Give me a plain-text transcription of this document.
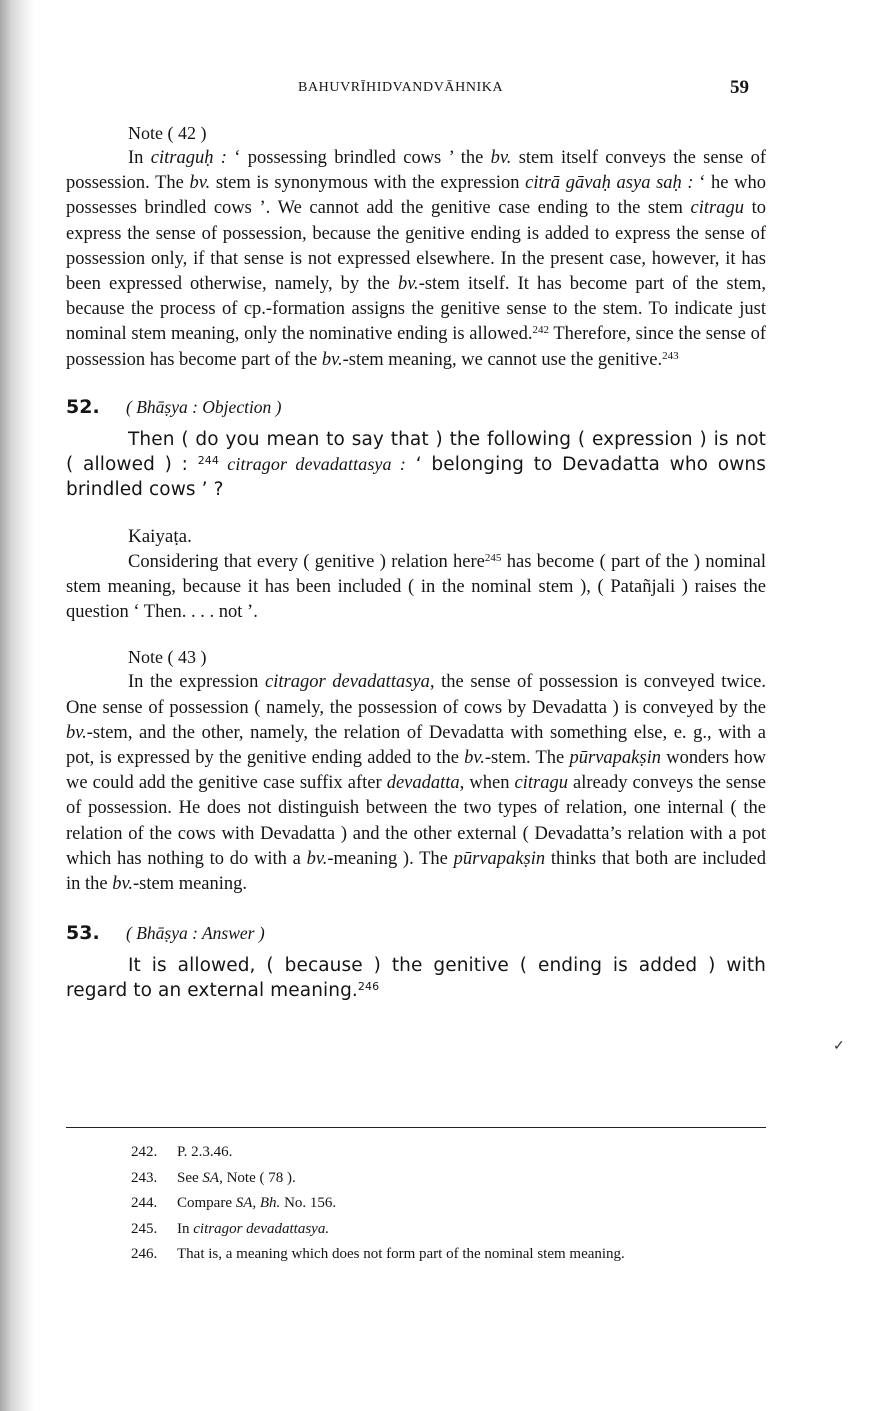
BAHUVRĪHIDVANDVĀHNIKA	59
Note ( 42 )

In citraguḥ : ‘ possessing brindled cows ’ the bv. stem itself conveys the sense of possession. The bv. stem is synonymous with the expression citrā gāvaḥ asya saḥ : ‘ he who possesses brindled cows ’. We cannot add the genitive case ending to the stem citragu to express the sense of possession, because the genitive ending is added to express the sense of possession only, if that sense is not expressed elsewhere. In the present case, however, it has been expressed otherwise, namely, by the bv.-stem itself. It has become part of the stem, because the process of cp.-formation assigns the genitive sense to the stem. To indicate just nominal stem meaning, only the nominative ending is allowed.$^{242}$ Therefore, since the sense of possession has become part of the bv.-stem meaning, we cannot use the genitive.$^{243}$

52. ( Bhāṣya : Objection )

Then ( do you mean to say that ) the following ( expression ) is not ( allowed ) : $^{244}$ citragor devadattasya : ‘ belonging to Devadatta who owns brindled cows ’ ?

Kaiyaṭa.

Considering that every ( genitive ) relation here$^{245}$ has become ( part of the ) nominal stem meaning, because it has been included ( in the nominal stem ), ( Patañjali ) raises the question ‘ Then. . . . not ’.

Note ( 43 )

In the expression citragor devadattasya, the sense of possession is conveyed twice. One sense of possession ( namely, the possession of cows by Devadatta ) is conveyed by the bv.-stem, and the other, namely, the relation of Devadatta with something else, e. g., with a pot, is expressed by the genitive ending added to the bv.-stem. The pūrvapakṣin wonders how we could add the genitive case suffix after devadatta, when citragu already conveys the sense of possession. He does not distinguish between the two types of relation, one internal ( the relation of the cows with Devadatta ) and the other external ( Devadatta’s relation with a pot which has nothing to do with a bv.-meaning ). The pūrvapakṣin thinks that both are included in the bv.-stem meaning.

53. ( Bhāṣya : Answer )

It is allowed, ( because ) the genitive ( ending is added ) with regard to an external meaning.$^{246}$

✓
242. P. 2.3.46.
243. See SA, Note ( 78 ).
244. Compare SA, Bh. No. 156.
245. In citragor devadattasya.
246. That is, a meaning which does not form part of the nominal stem meaning.
